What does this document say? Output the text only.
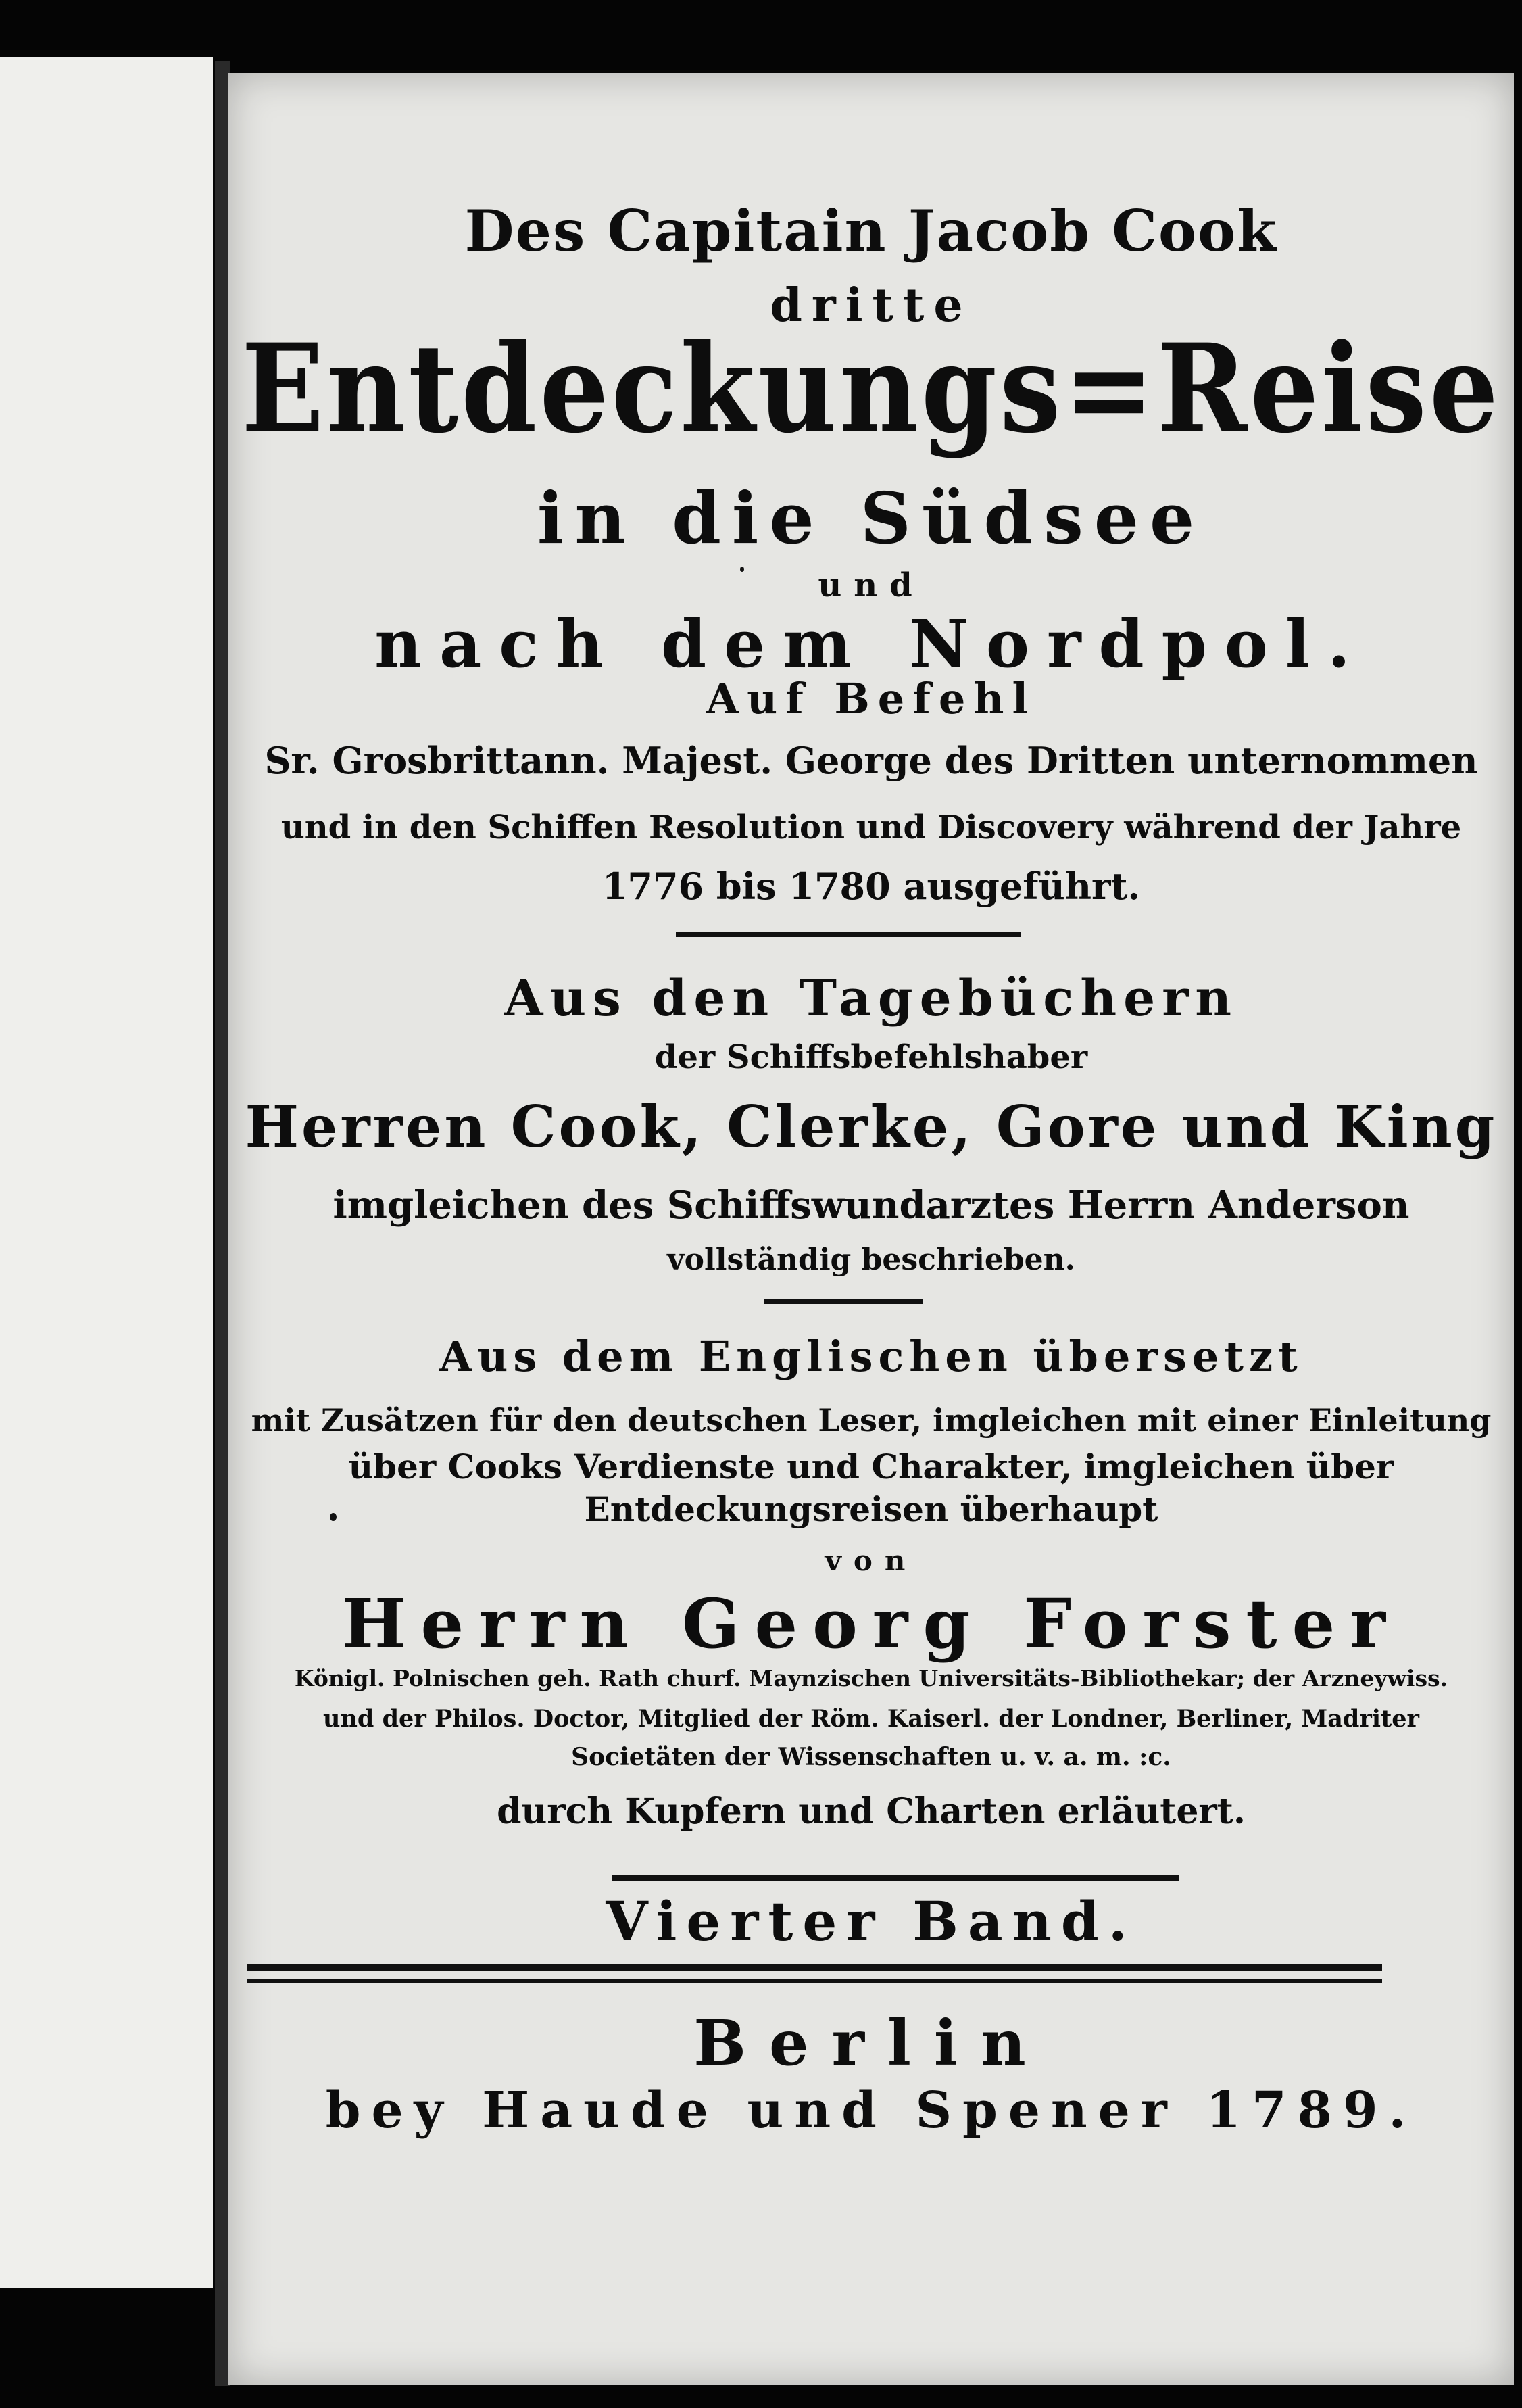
Des Capitain Jacob Cook
dritte
Entdeckungs=Reise
in die Südsee
und
nach dem Nordpol.
Auf Befehl
Sr. Grosbrittann. Majest. George des Dritten unternommen
und in den Schiffen Resolution und Discovery während der Jahre
1776 bis 1780 ausgeführt.
Aus den Tagebüchern
der Schiffsbefehlshaber
Herren Cook, Clerke, Gore und King
imgleichen des Schiffswundarztes Herrn Anderson
vollständig beschrieben.
Aus dem Englischen übersetzt
mit Zusätzen für den deutschen Leser, imgleichen mit einer Einleitung
über Cooks Verdienste und Charakter, imgleichen über
Entdeckungsreisen überhaupt
von
Herrn Georg Forster
Königl. Polnischen geh. Rath churf. Maynzischen Universitäts-Bibliothekar; der Arzneywiss.
und der Philos. Doctor, Mitglied der Röm. Kaiserl. der Londner, Berliner, Madriter
Societäten der Wissenschaften u. v. a. m. :c.
durch Kupfern und Charten erläutert.
Vierter Band.
Berlin
bey Haude und Spener 1789.
